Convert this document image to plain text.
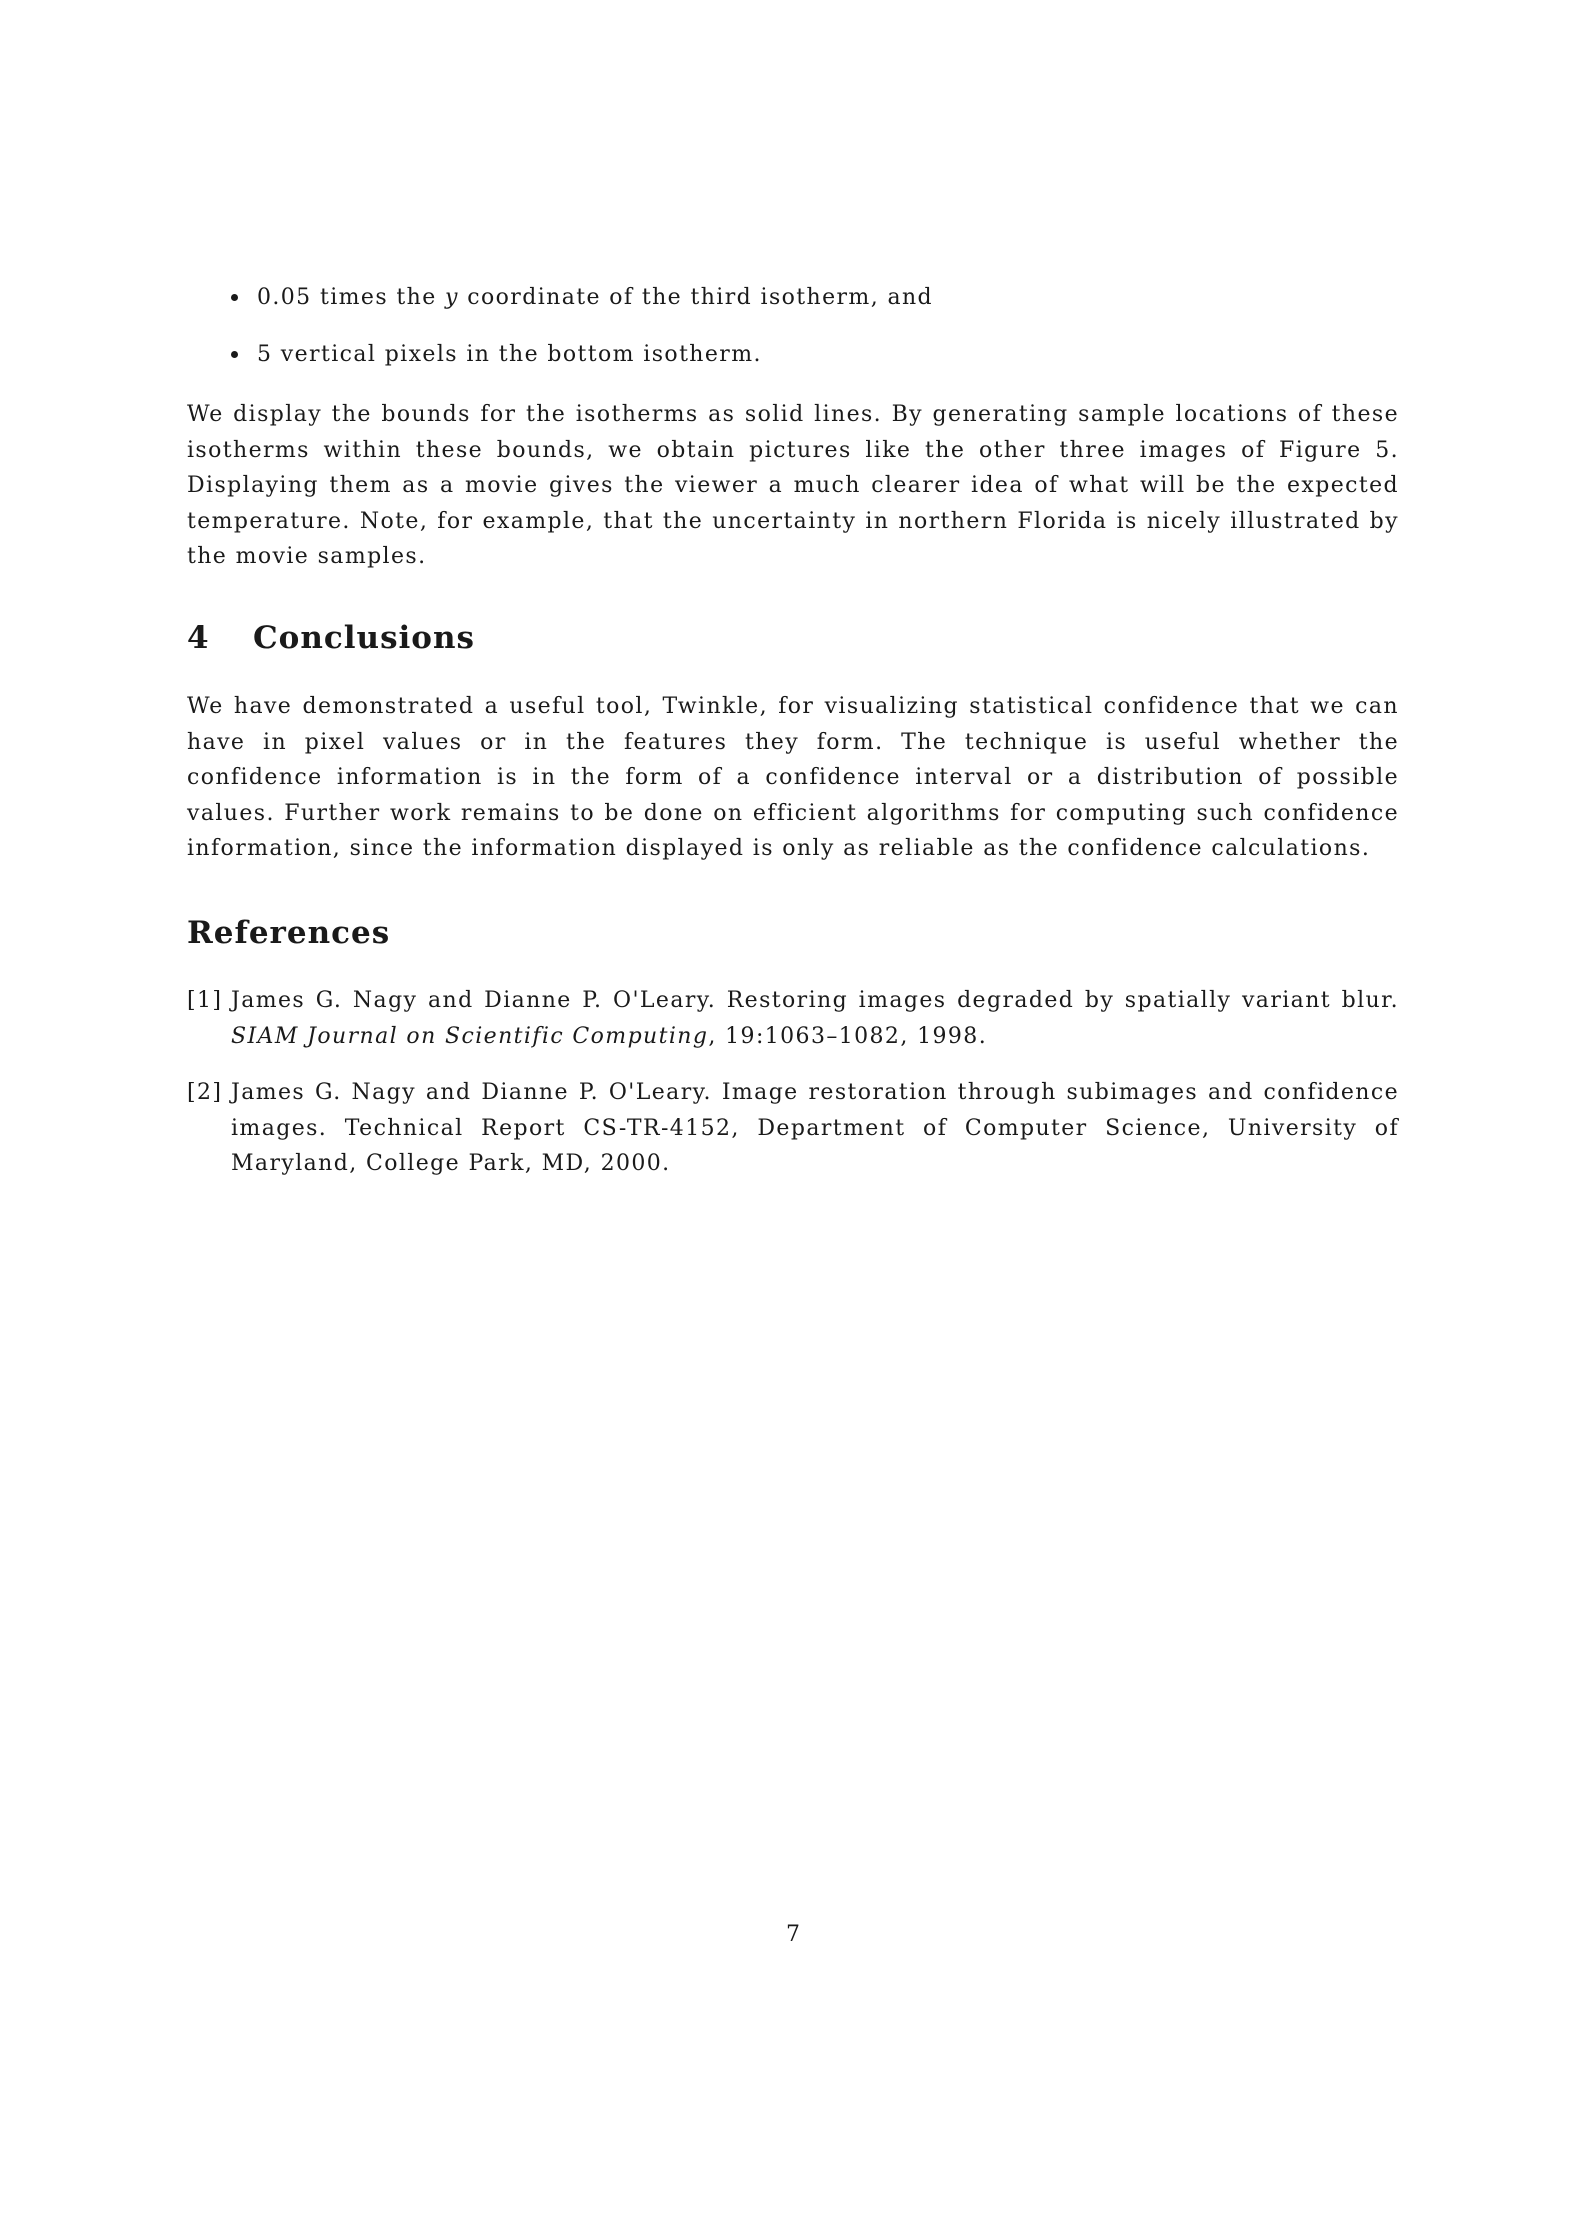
0.05 times the y coordinate of the third isotherm, and
5 vertical pixels in the bottom isotherm.

We display the bounds for the isotherms as solid lines. By generating sample locations of these isotherms within these bounds, we obtain pictures like the other three images of Figure 5. Displaying them as a movie gives the viewer a much clearer idea of what will be the expected temperature. Note, for example, that the uncertainty in northern Florida is nicely illustrated by the movie samples.

4 Conclusions

We have demonstrated a useful tool, Twinkle, for visualizing statistical confidence that we can have in pixel values or in the features they form. The technique is useful whether the confidence information is in the form of a confidence interval or a distribution of possible values. Further work remains to be done on efficient algorithms for computing such confidence information, since the information displayed is only as reliable as the confidence calculations.

References
[1] James G. Nagy and Dianne P. O'Leary. Restoring images degraded by spatially variant blur. SIAM Journal on Scientific Computing, 19:1063–1082, 1998.
[2] James G. Nagy and Dianne P. O'Leary. Image restoration through subimages and confidence images. Technical Report CS-TR-4152, Department of Computer Science, University of Maryland, College Park, MD, 2000.
7
